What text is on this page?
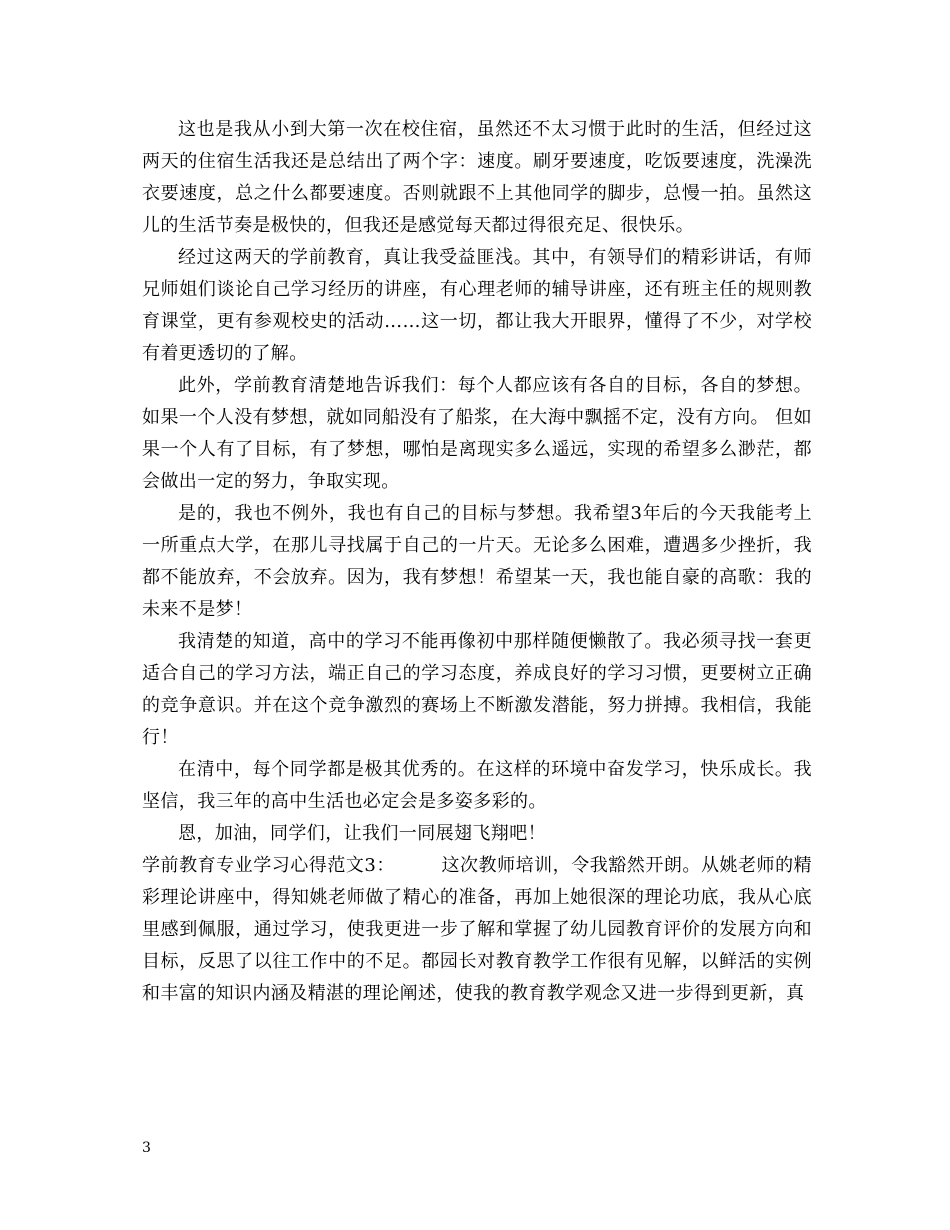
这也是我从小到大第一次在校住宿，虽然还不太习惯于此时的生活，但经过这两天的住宿生活我还是总结出了两个字：速度。刷牙要速度，吃饭要速度，洗澡洗衣要速度，总之什么都要速度。否则就跟不上其他同学的脚步，总慢一拍。虽然这儿的生活节奏是极快的，但我还是感觉每天都过得很充足、很快乐。

经过这两天的学前教育，真让我受益匪浅。其中，有领导们的精彩讲话，有师兄师姐们谈论自己学习经历的讲座，有心理老师的辅导讲座，还有班主任的规则教育课堂，更有参观校史的活动……这一切，都让我大开眼界，懂得了不少，对学校有着更透切的了解。

此外，学前教育清楚地告诉我们：每个人都应该有各自的目标，各自的梦想。如果一个人没有梦想，就如同船没有了船浆，在大海中飘摇不定，没有方向。 但如果一个人有了目标，有了梦想，哪怕是离现实多么遥远，实现的希望多么渺茫，都会做出一定的努力，争取实现。

是的，我也不例外，我也有自己的目标与梦想。我希望3年后的今天我能考上一所重点大学，在那儿寻找属于自己的一片天。无论多么困难，遭遇多少挫折，我都不能放弃，不会放弃。因为，我有梦想！希望某一天，我也能自豪的高歌：我的未来不是梦！

我清楚的知道，高中的学习不能再像初中那样随便懒散了。我必须寻找一套更适合自己的学习方法，端正自己的学习态度，养成良好的学习习惯，更要树立正确的竞争意识。并在这个竞争激烈的赛场上不断激发潜能，努力拼搏。我相信，我能行！

在清中，每个同学都是极其优秀的。在这样的环境中奋发学习，快乐成长。我坚信，我三年的高中生活也必定会是多姿多彩的。

恩，加油，同学们，让我们一同展翅飞翔吧！

学前教育专业学习心得范文3：　　　这次教师培训，令我豁然开朗。从姚老师的精彩理论讲座中，得知姚老师做了精心的准备，再加上她很深的理论功底，我从心底里感到佩服，通过学习，使我更进一步了解和掌握了幼儿园教育评价的发展方向和目标，反思了以往工作中的不足。都园长对教育教学工作很有见解，以鲜活的实例和丰富的知识内涵及精湛的理论阐述，使我的教育教学观念又进一步得到更新，真

3
